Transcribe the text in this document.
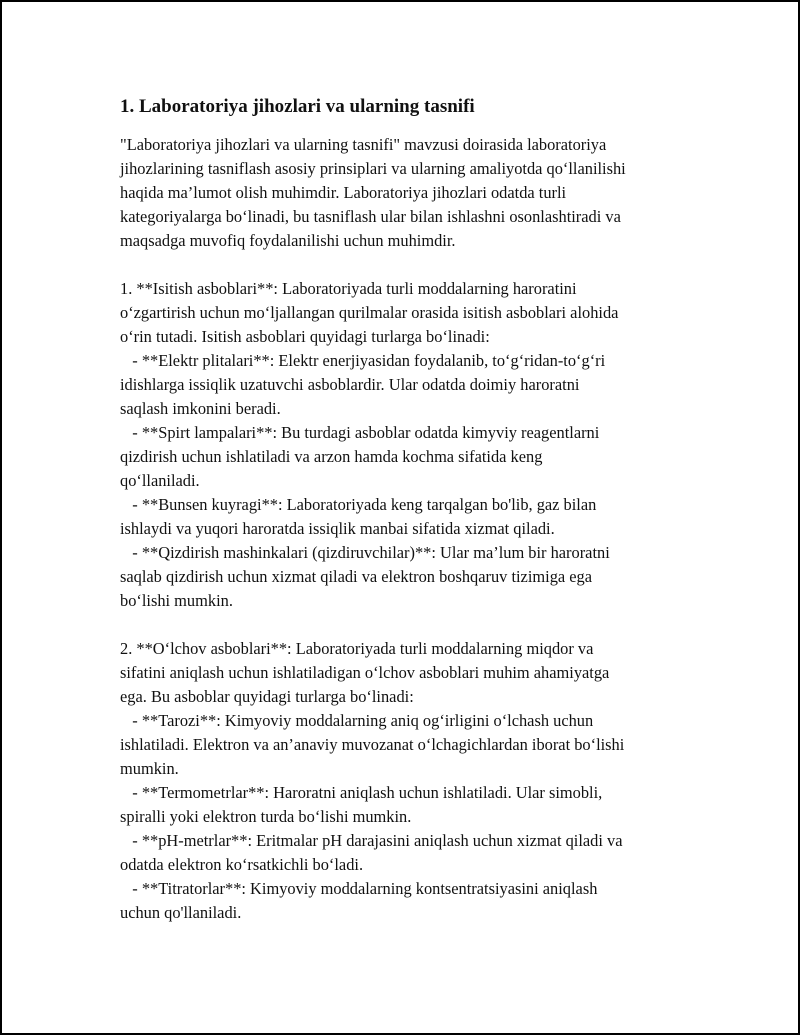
1. Laboratoriya jihozlari va ularning tasnifi
"Laboratoriya jihozlari va ularning tasnifi" mavzusi doirasida laboratoriya
jihozlarining tasniflash asosiy prinsiplari va ularning amaliyotda qo‘llanilishi
haqida ma’lumot olish muhimdir. Laboratoriya jihozlari odatda turli
kategoriyalarga bo‘linadi, bu tasniflash ular bilan ishlashni osonlashtiradi va
maqsadga muvofiq foydalanilishi uchun muhimdir.
1. **Isitish asboblari**: Laboratoriyada turli moddalarning haroratini
o‘zgartirish uchun mo‘ljallangan qurilmalar orasida isitish asboblari alohida
o‘rin tutadi. Isitish asboblari quyidagi turlarga bo‘linadi:
- **Elektr plitalari**: Elektr enerjiyasidan foydalanib, to‘g‘ridan-to‘g‘ri
idishlarga issiqlik uzatuvchi asboblardir. Ular odatda doimiy haroratni
saqlash imkonini beradi.
- **Spirt lampalari**: Bu turdagi asboblar odatda kimyviy reagentlarni
qizdirish uchun ishlatiladi va arzon hamda kochma sifatida keng
qo‘llaniladi.
- **Bunsen kuyragi**: Laboratoriyada keng tarqalgan bo'lib, gaz bilan
ishlaydi va yuqori haroratda issiqlik manbai sifatida xizmat qiladi.
- **Qizdirish mashinkalari (qizdiruvchilar)**: Ular ma’lum bir haroratni
saqlab qizdirish uchun xizmat qiladi va elektron boshqaruv tizimiga ega
bo‘lishi mumkin.
2. **O‘lchov asboblari**: Laboratoriyada turli moddalarning miqdor va
sifatini aniqlash uchun ishlatiladigan o‘lchov asboblari muhim ahamiyatga
ega. Bu asboblar quyidagi turlarga bo‘linadi:
- **Tarozi**: Kimyoviy moddalarning aniq og‘irligini o‘lchash uchun
ishlatiladi. Elektron va an’anaviy muvozanat o‘lchagichlardan iborat bo‘lishi
mumkin.
- **Termometrlar**: Haroratni aniqlash uchun ishlatiladi. Ular simobli,
spiralli yoki elektron turda bo‘lishi mumkin.
- **pH-metrlar**: Eritmalar pH darajasini aniqlash uchun xizmat qiladi va
odatda elektron ko‘rsatkichli bo‘ladi.
- **Titratorlar**: Kimyoviy moddalarning kontsentratsiyasini aniqlash
uchun qo'llaniladi.
